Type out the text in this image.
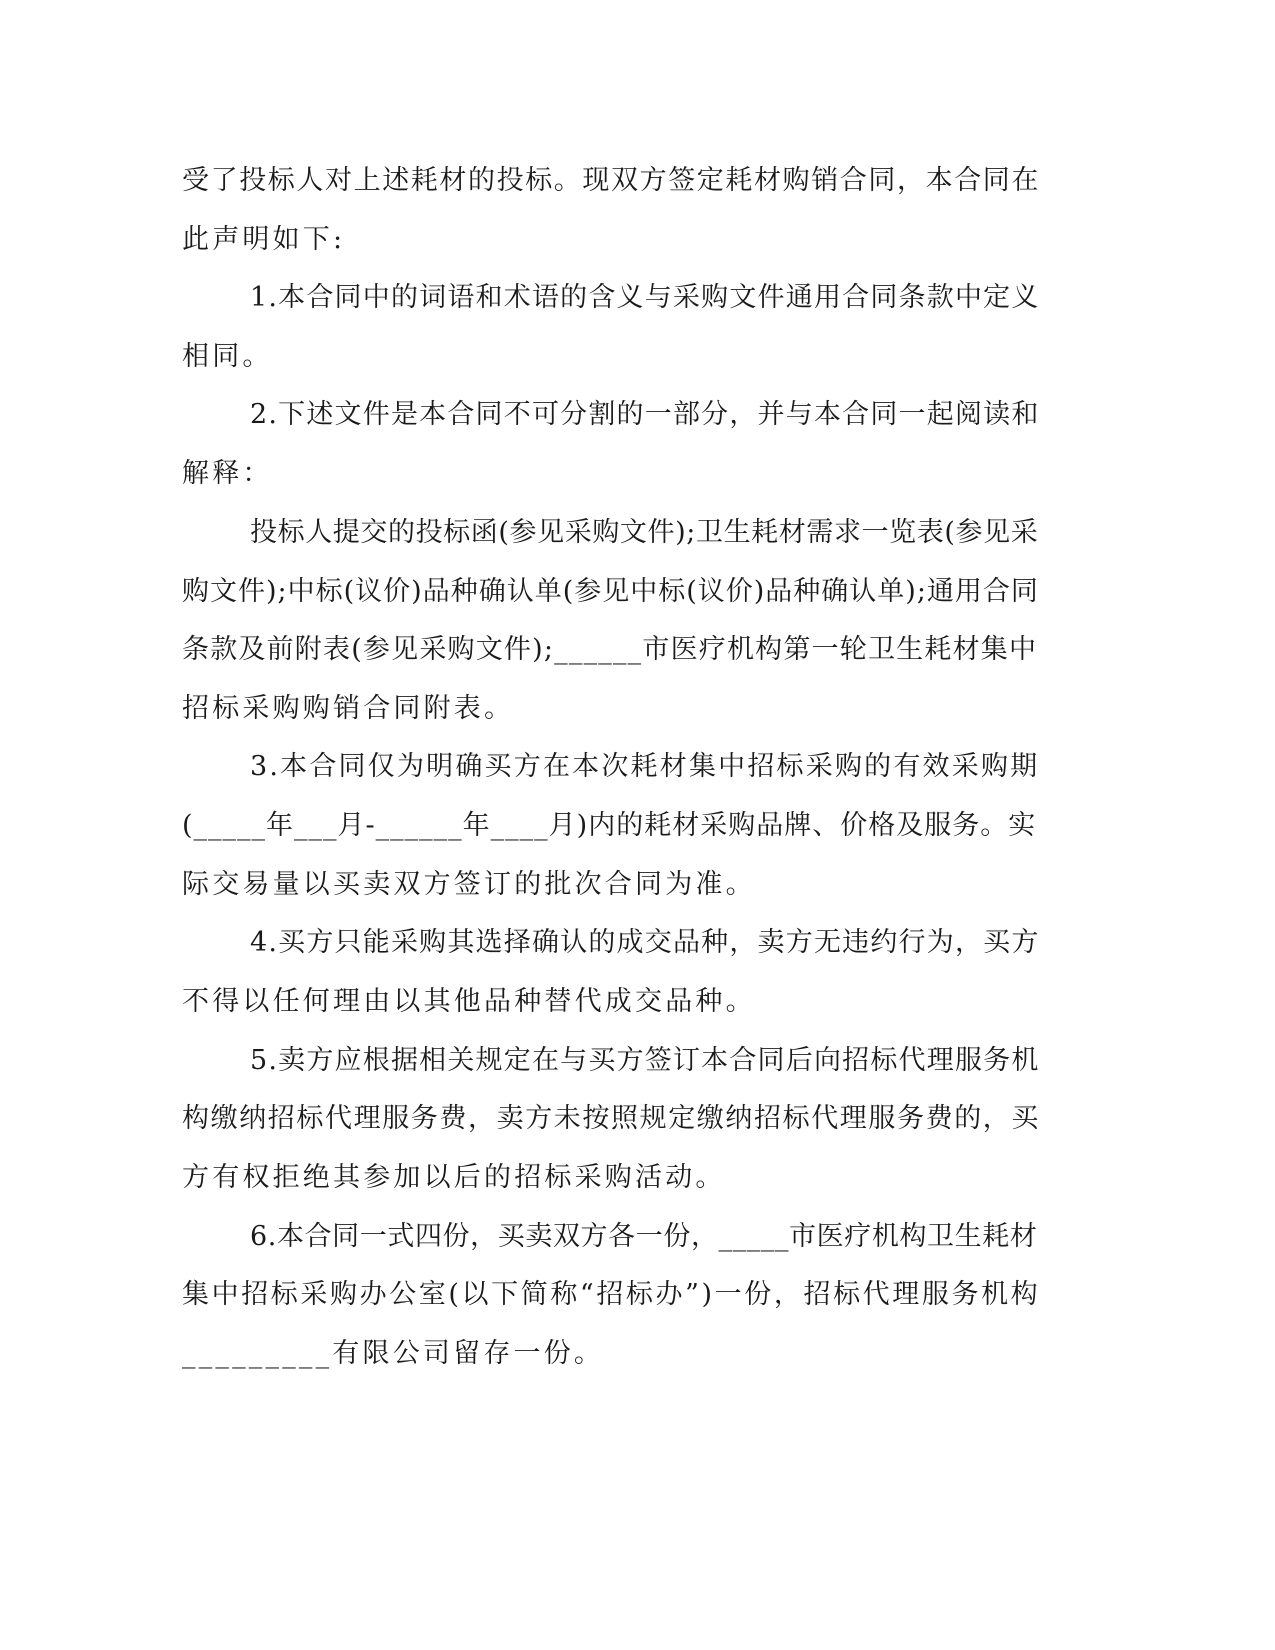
受了投标人对上述耗材的投标。现双方签定耗材购销合同，本合同在
此声明如下:
1.本合同中的词语和术语的含义与采购文件通用合同条款中定义
相同。
2.下述文件是本合同不可分割的一部分，并与本合同一起阅读和
解释：
投标人提交的投标函(参见采购文件);卫生耗材需求一览表(参见采
购文件);中标(议价)品种确认单(参见中标(议价)品种确认单);通用合同
条款及前附表(参见采购文件);______市医疗机构第一轮卫生耗材集中
招标采购购销合同附表。
3.本合同仅为明确买方在本次耗材集中招标采购的有效采购期
(_____年___月-______年____月)内的耗材采购品牌、价格及服务。实
际交易量以买卖双方签订的批次合同为准。
4.买方只能采购其选择确认的成交品种，卖方无违约行为，买方
不得以任何理由以其他品种替代成交品种。
5.卖方应根据相关规定在与买方签订本合同后向招标代理服务机
构缴纳招标代理服务费，卖方未按照规定缴纳招标代理服务费的，买
方有权拒绝其参加以后的招标采购活动。
6.本合同一式四份，买卖双方各一份，_____市医疗机构卫生耗材
集中招标采购办公室(以下简称“招标办”)一份，招标代理服务机构
_________有限公司留存一份。
